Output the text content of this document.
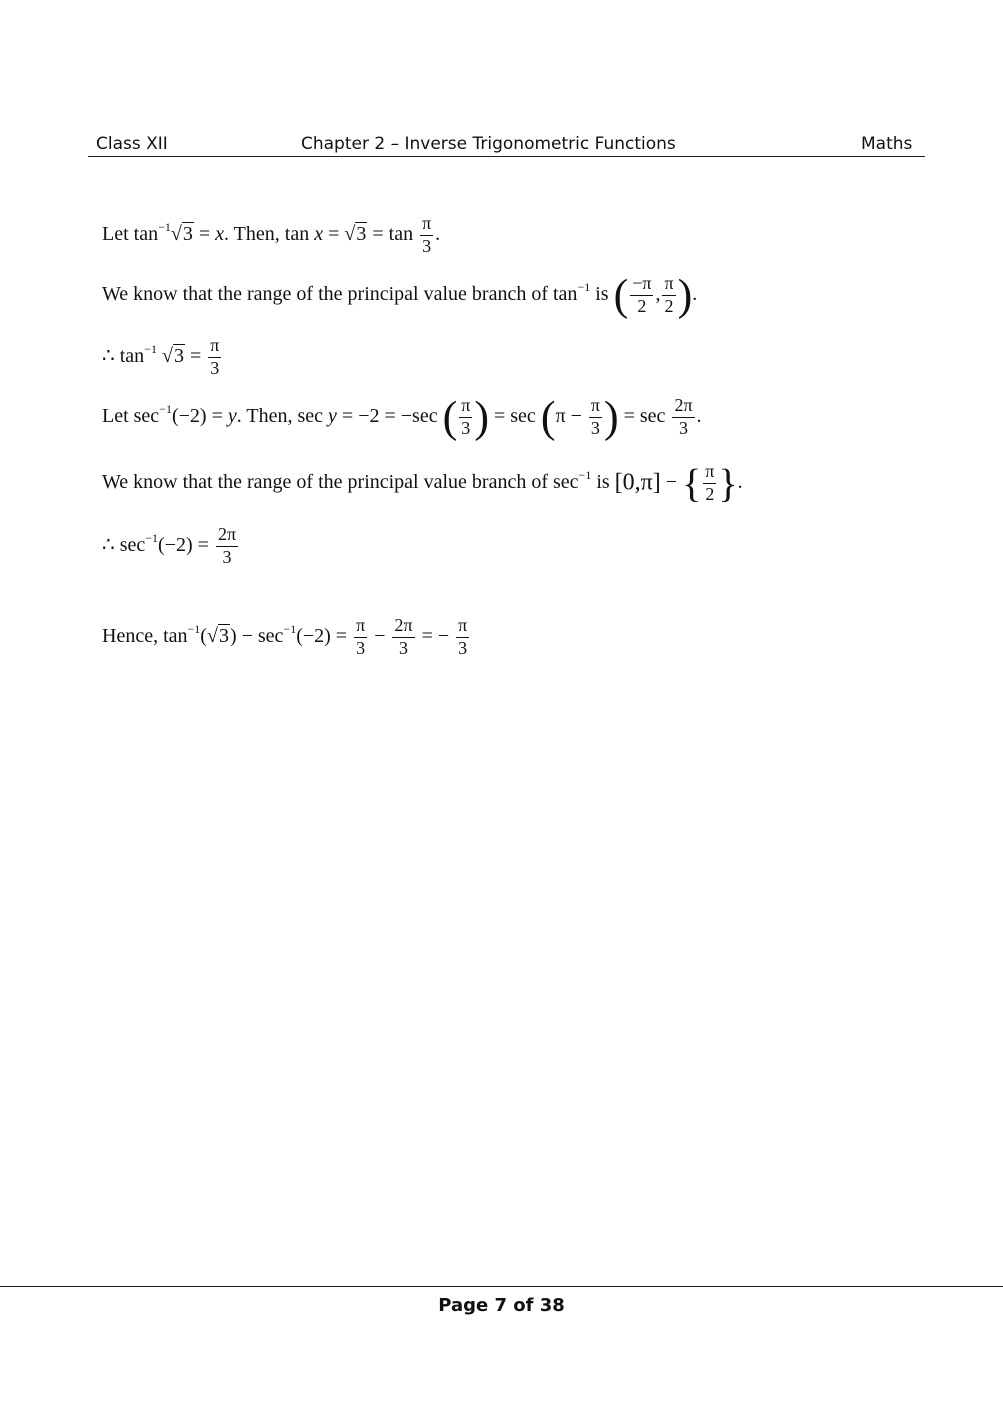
Class XII	Chapter 2 – Inverse Trigonometric Functions	Maths
Let $\tan^{-1}√3 = x$. Then, $\tan x = √3 = \tan \frac{\pi}{3}$ .
We know that the range of the principal value branch of $\tan^{-1}$ is ( $\frac{-\pi}{2}$ , $\frac{\pi}{2}$ ).
∴ $\tan^{-1} √3 = \frac{\pi}{3}$
Let $\sec^{-1}(-2) = y$. Then, sec y = −2 = −sec ( $\frac{\pi}{3}$ ) = $\sec (\pi - \frac{\pi}{3}$ ) = $\sec \frac{2\pi}{3}$ .
We know that the range of the principal value branch of $\sec^{-1}$ is [0,π] − { $\frac{\pi}{2}$ }.
∴ $\sec^{-1}(-2) = \frac{2\pi}{3}$
Hence, $\tan^{-1}(√3) - \sec^{-1}(-2) = \frac{\pi}{3} - \frac{2\pi}{3}$ = − $\frac{\pi}{3}$
Page 7 of 38
